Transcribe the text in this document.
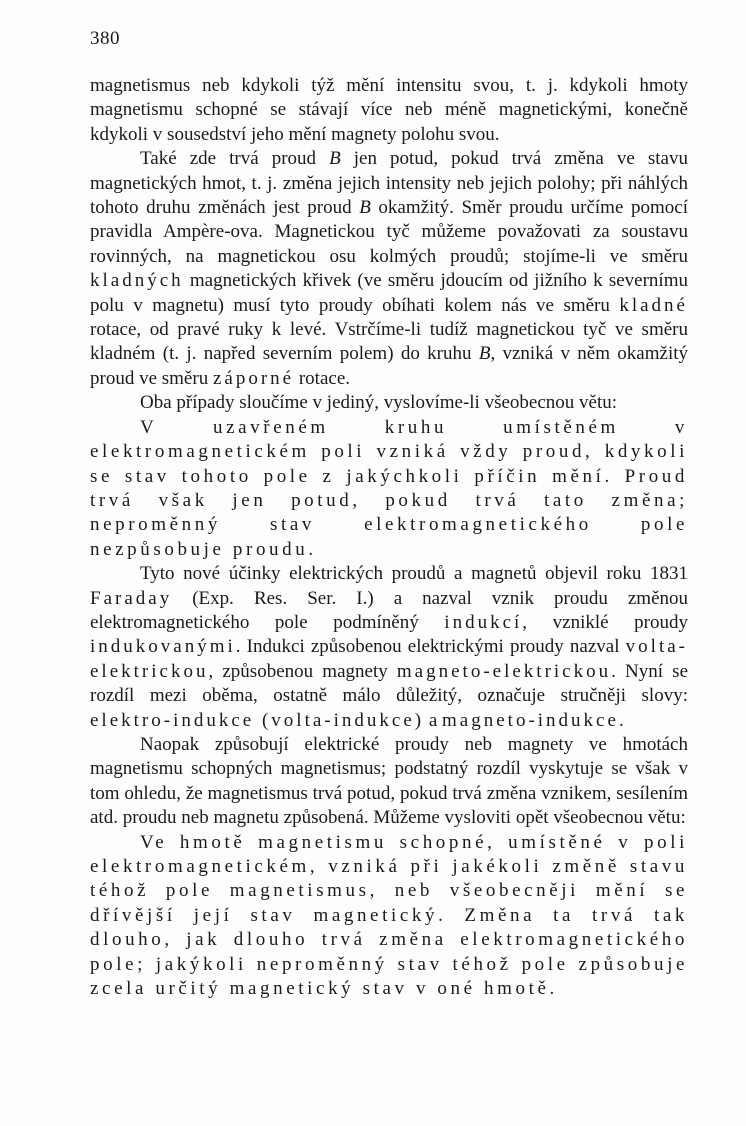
380

magnetismus neb kdykoli týž mění intensitu svou, t. j. kdykoli hmoty magnetismu schopné se stávají více neb méně magnetickými, konečně kdykoli v sousedství jeho mění magnety polohu svou.

Také zde trvá proud B jen potud, pokud trvá změna ve stavu magnetických hmot, t. j. změna jejich intensity neb jejich polohy; při náhlých tohoto druhu změnách jest proud B okamžitý. Směr proudu určíme pomocí pravidla Ampère-ova. Magnetickou tyč můžeme považovati za soustavu rovinných, na magnetickou osu kolmých proudů; stojíme-li ve směru kladných magnetických křivek (ve směru jdoucím od jižního k severnímu polu v magnetu) musí tyto proudy obíhati kolem nás ve směru kladné rotace, od pravé ruky k levé. Vstrčíme-li tudíž magnetickou tyč ve směru kladném (t. j. napřed severním polem) do kruhu B, vzniká v něm okamžitý proud ve směru záporné rotace.

Oba případy sloučíme v jediný, vyslovíme-li všeobecnou větu:

V uzavřeném kruhu umístěném v elektromagnetickém poli vzniká vždy proud, kdykoli se stav tohoto pole z jakýchkoli příčin mění. Proud trvá však jen potud, pokud trvá tato změna; neproměnný stav elektromagnetického pole nezpůsobuje proudu.

Tyto nové účinky elektrických proudů a magnetů objevil roku 1831 Faraday (Exp. Res. Ser. I.) a nazval vznik proudu změnou elektromagnetického pole podmíněný indukcí, vzniklé proudy indukovanými. Indukci způsobenou elektrickými proudy nazval volta-elektrickou, způsobenou magnety magneto-elektrickou. Nyní se rozdíl mezi oběma, ostatně málo důležitý, označuje stručněji slovy: elektro-indukce (volta-indukce) a magneto-indukce.

Naopak způsobují elektrické proudy neb magnety ve hmotách magnetismu schopných magnetismus; podstatný rozdíl vyskytuje se však v tom ohledu, že magnetismus trvá potud, pokud trvá změna vznikem, sesílením atd. proudu neb magnetu způsobená. Můžeme vysloviti opět všeobecnou větu:

Ve hmotě magnetismu schopné, umístěné v poli elektromagnetickém, vzniká při jakékoli změně stavu téhož pole magnetismus, neb všeobecněji mění se dřívější její stav magnetický. Změna ta trvá tak dlouho, jak dlouho trvá změna elektromagnetického pole; jakýkoli neproměnný stav téhož pole způsobuje zcela určitý magnetický stav v oné hmotě.
